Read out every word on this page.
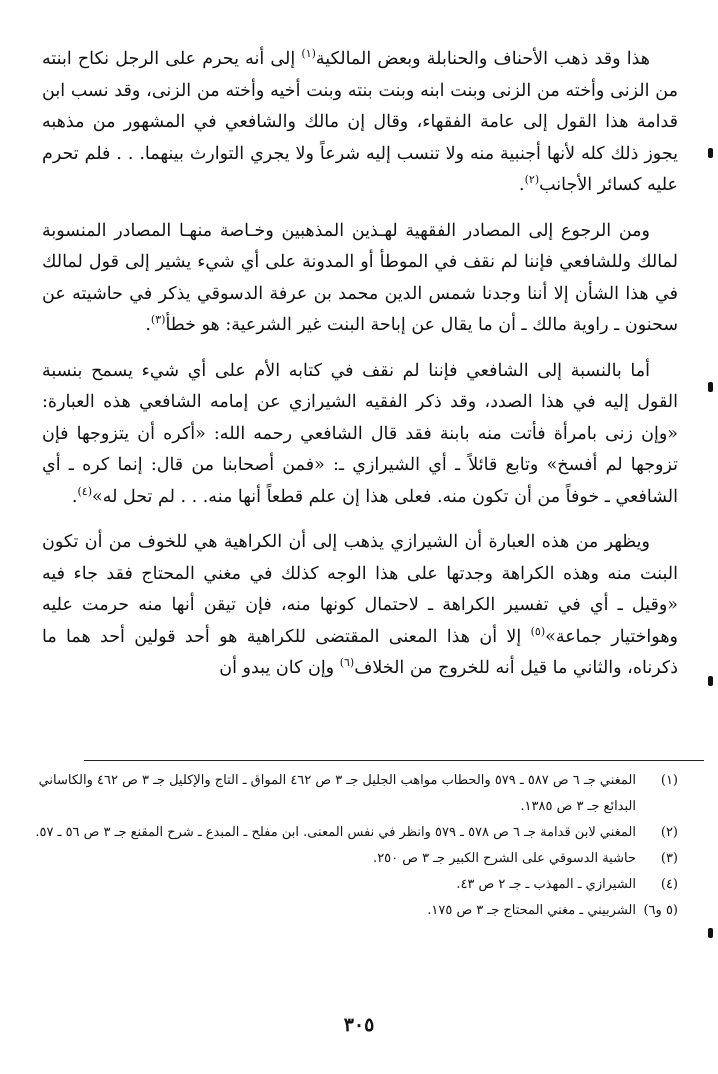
هذا وقد ذهب الأحناف والحنابلة وبعض المالكية$^{(١)}$ إلى أنه يحرم على الرجل نكاح ابنته من الزنى وأخته من الزنى وبنت ابنه وبنت بنته وبنت أخيه وأخته من الزنى، وقد نسب ابن قدامة هذا القول إلى عامة الفقهاء، وقال إن مالك والشافعي في المشهور من مذهبه يجوز ذلك كله لأنها أجنبية منه ولا تنسب إليه شرعاً ولا يجري التوارث بينهما. . . فلم تحرم عليه كسائر الأجانب$^{(٢)}$.

ومن الرجوع إلى المصادر الفقهية لهـذين المذهبين وخـاصة منهـا المصادر المنسوبة لمالك وللشافعي فإننا لم نقف في الموطأ أو المدونة على أي شيء يشير إلى قول لمالك في هذا الشأن إلا أننا وجدنا شمس الدين محمد بن عرفة الدسوقي يذكر في حاشيته عن سحنون ـ راوية مالك ـ أن ما يقال عن إباحة البنت غير الشرعية: هو خطأ$^{(٣)}$.

أما بالنسبة إلى الشافعي فإننا لم نقف في كتابه الأم على أي شيء يسمح بنسبة القول إليه في هذا الصدد، وقد ذكر الفقيه الشيرازي عن إمامه الشافعي هذه العبارة: «وإن زنى بامرأة فأتت منه بابنة فقد قال الشافعي رحمه الله: «أكره أن يتزوجها فإن تزوجها لم أفسخ» وتابع قائلاً ـ أي الشيرازي ـ: «فمن أصحابنا من قال: إنما كره ـ أي الشافعي ـ خوفاً من أن تكون منه. فعلى هذا إن علم قطعاً أنها منه. . . لم تحل له»$^{(٤)}$.

ويظهر من هذه العبارة أن الشيرازي يذهب إلى أن الكراهية هي للخوف من أن تكون البنت منه وهذه الكراهة وجدتها على هذا الوجه كذلك في مغني المحتاج فقد جاء فيه «وقيل ـ أي في تفسير الكراهة ـ لاحتمال كونها منه، فإن تيقن أنها منه حرمت عليه وهواختيار جماعة»$^{(٥)}$ إلا أن هذا المعنى المقتضى للكراهية هو أحد قولين أحد هما ما ذكرناه، والثاني ما قيل أنه للخروج من الخلاف$^{(٦)}$ وإن كان يبدو أن

(١)
المغني جـ ٦ ص ٥٨٧ ـ ٥٧٩ والحطاب مواهب الجليل جـ ٣ ص ٤٦٢ المواق ـ التاج والإكليل جـ ٣ ص ٤٦٢ والكاساني البدائع جـ ٣ ص ١٣٨٥.
(٢)
المغني لابن قدامة جـ ٦ ص ٥٧٨ ـ ٥٧٩ وانظر في نفس المعنى. ابن مفلح ـ المبدع ـ شرح المقنع جـ ٣ ص ٥٦ ـ ٥٧.
(٣)
حاشية الدسوقي على الشرح الكبير جـ ٣ ص ٢٥٠.
(٤)
الشيرازي ـ المهذب ـ جـ ٢ ص ٤٣.
(٥ و٦)
الشربيني ـ مغني المحتاج جـ ٣ ص ١٧٥.
٣٠٥
